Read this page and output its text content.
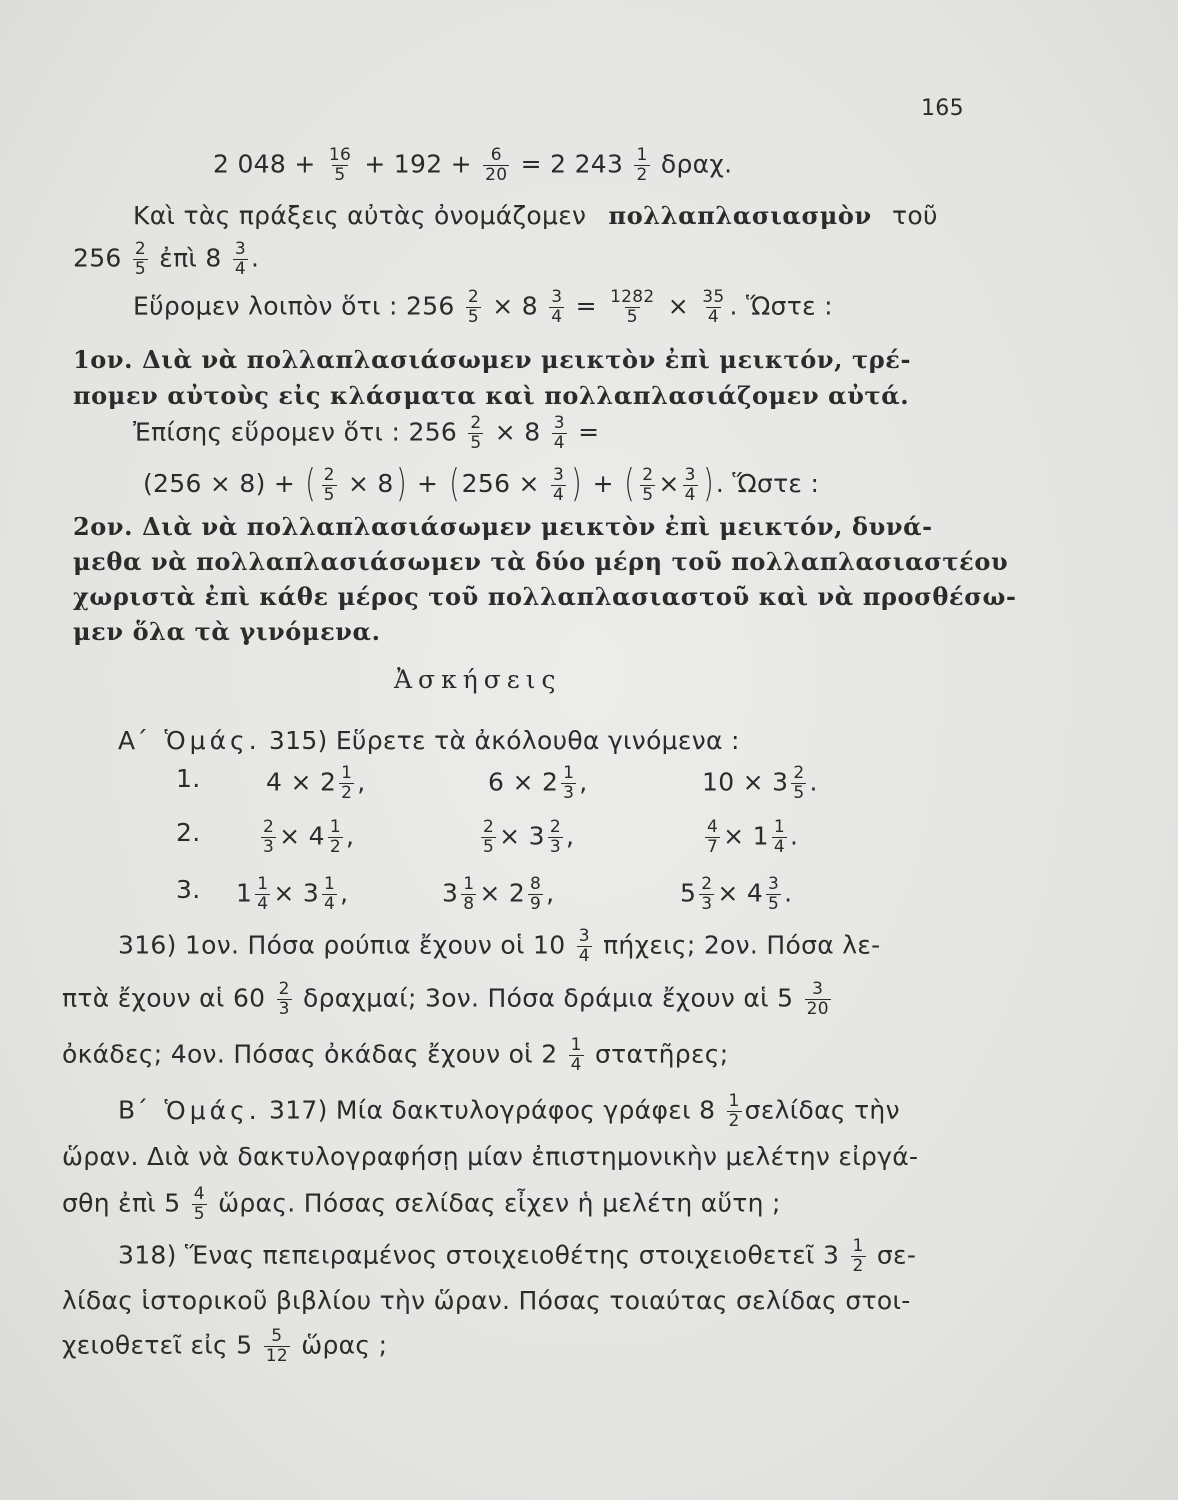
165
2 $048 + \frac{16}{5} + 192 + \frac{6}{20} = 2$ $243 \frac{1}{2} \delta\rho\alpha\chi$.
Καὶ τὰς πράξεις αὐτὰς ὀνομάζομεν πολλαπλασιασμὸν τοῦ
$256 \frac{2}{5}$ ἐπὶ $8 \frac{3}{4}$ .
Εὕρομεν λοιπὸν ὅτι : $256 \frac{2}{5} \times 8 \frac{3}{4} = \frac{1282}{5} \times \frac{35}{4}$ . Ὥστε :
1ον. Διὰ νὰ πολλαπλασιάσωμεν μεικτὸν ἐπὶ μεικτόν, τρέ-
πομεν αὐτοὺς εἰς κλάσματα καὶ πολλαπλασιάζομεν αὐτά.
Ἐπίσης εὕρομεν ὅτι : $256 \frac{2}{5} \times 8 \frac{3}{4}$ =
(256 × 8) + ( $\frac{2}{5} \times 8) + (256 \times \frac{3}{4}$ ) + ( $\frac{2}{5} \times \frac{3}{4}$ ). Ὥστε :
2ον. Διὰ νὰ πολλαπλασιάσωμεν μεικτὸν ἐπὶ μεικτόν, δυνά-
μεθα νὰ πολλαπλασιάσωμεν τὰ δύο μέρη τοῦ πολλαπλασιαστέου
χωριστὰ ἐπὶ κάθε μέρος τοῦ πολλαπλασιαστοῦ καὶ νὰ προσθέσω-
μεν ὅλα τὰ γινόμενα.
Ἀσκήσεις
Α΄ Ὁμάς. 315) Εὕρετε τὰ ἀκόλουθα γινόμενα :
1.	$4 \times 2 \frac{1}{2}$ ,	$6 \times 2 \frac{1}{3}$ ,	$10 \times 3 \frac{2}{5}$ .
2.	$\frac{2}{3} \times 4 \frac{1}{2}$ ,	$\frac{2}{5} \times 3 \frac{2}{3}$ ,	$\frac{4}{7} \times 1 \frac{1}{4}$ .
3. $1 \frac{1}{4} \times 3 \frac{1}{4}$ ,	$3 \frac{1}{8} \times 2 \frac{8}{9}$ ,	$5 \frac{2}{3} \times 4 \frac{3}{5}$ .
316) 1ον. Πόσα ρούπια ἔχουν οἱ $10 \frac{3}{4} \pi ή\chi\varepsilon\iota\varsigma$; 2ον. Πόσα λε-
πτὰ ἔχουν αἱ $60 \frac{2}{3} \delta\rho\alpha\chi\mu\alpha ί$; 3ον. Πόσα δράμια ἔχουν αἱ $5 \frac{3}{20}$
ὀκάδες; 4ον. Πόσας ὀκάδας ἔχουν οἱ $2 \frac{1}{4}$ στατῆρες;
Β΄ Ὁμάς. 317) Μία δακτυλογράφος γράφει $8 \frac{1}{2}$ σελίδας τὴν
ὥραν. Διὰ νὰ δακτυλογραφήσῃ μίαν ἐπιστημονικὴν μελέτην εἰργά-
σθη ἐπὶ $5 \frac{4}{5}$ ὥρας. Πόσας σελίδας εἶχεν ἡ μελέτη αὕτη ;
318) Ἕνας πεπειραμένος στοιχειοθέτης στοιχειοθετεῖ $3 \frac{1}{2} \sigma\varepsilon-$
λίδας ἱστορικοῦ βιβλίου τὴν ὥραν. Πόσας τοιαύτας σελίδας στοι-
χειοθετεῖ εἰς $5 \frac{5}{12}$ ὥρας ;
